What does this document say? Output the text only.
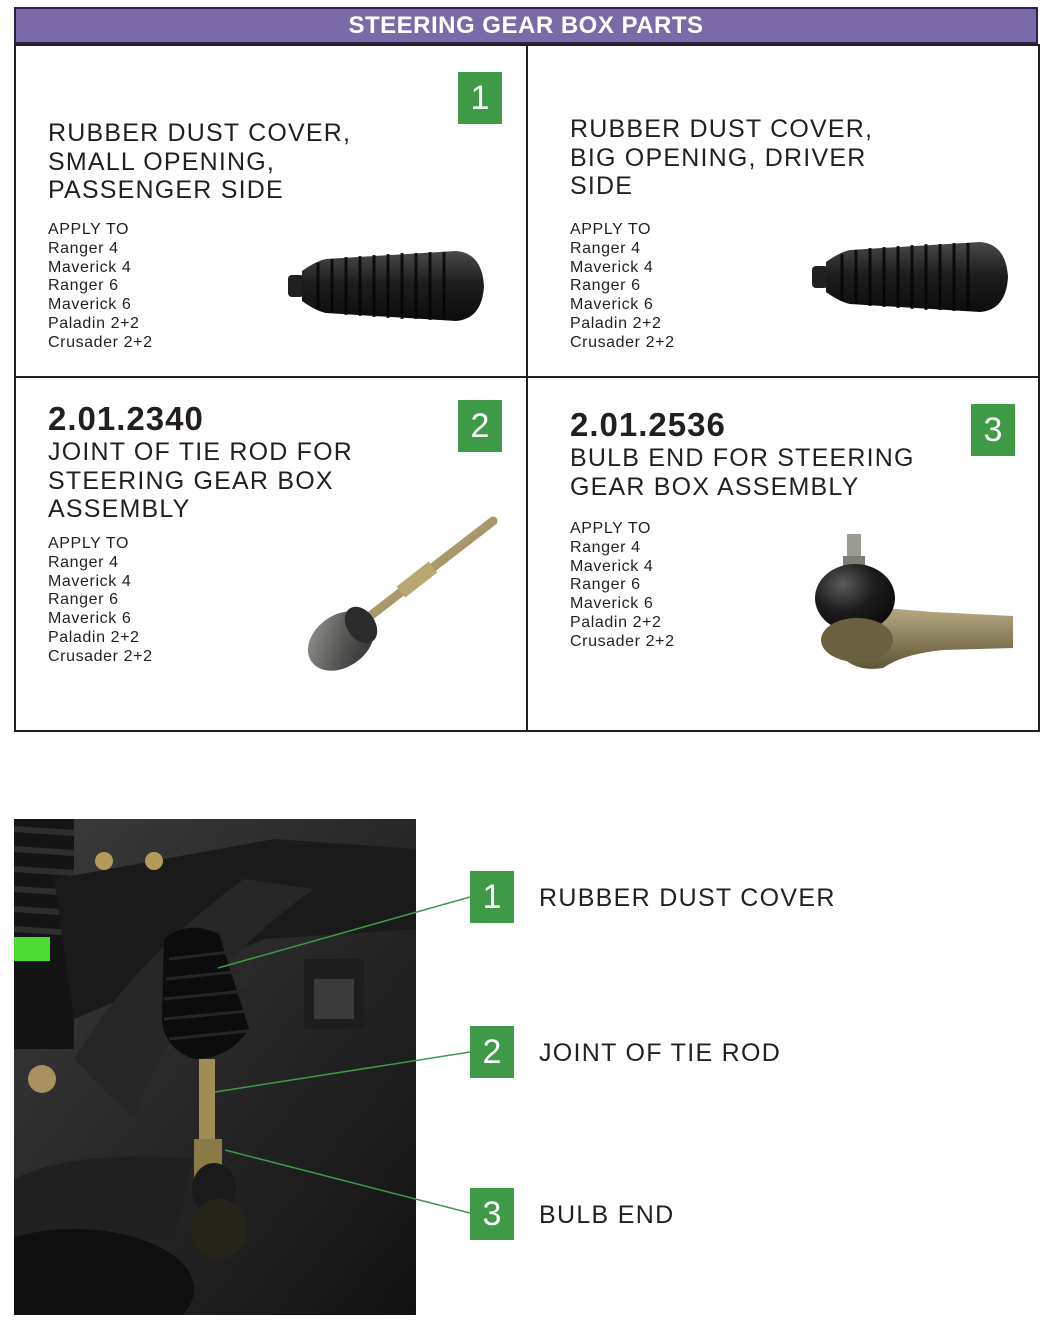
STEERING GEAR BOX PARTS
1
RUBBER DUST COVER,
SMALL OPENING,
PASSENGER SIDE
APPLY TO
Ranger 4
Maverick 4
Ranger 6
Maverick 6
Paladin 2+2
Crusader 2+2
RUBBER DUST COVER,
BIG OPENING, DRIVER
SIDE
APPLY TO
Ranger 4
Maverick 4
Ranger 6
Maverick 6
Paladin 2+2
Crusader 2+2
2
2.01.2340
JOINT OF TIE ROD FOR
STEERING GEAR BOX
ASSEMBLY
APPLY TO
Ranger 4
Maverick 4
Ranger 6
Maverick 6
Paladin 2+2
Crusader 2+2
3
2.01.2536
BULB END FOR STEERING
GEAR BOX ASSEMBLY
APPLY TO
Ranger 4
Maverick 4
Ranger 6
Maverick 6
Paladin 2+2
Crusader 2+2
1	RUBBER DUST COVER
2	JOINT OF TIE ROD
3	BULB END
